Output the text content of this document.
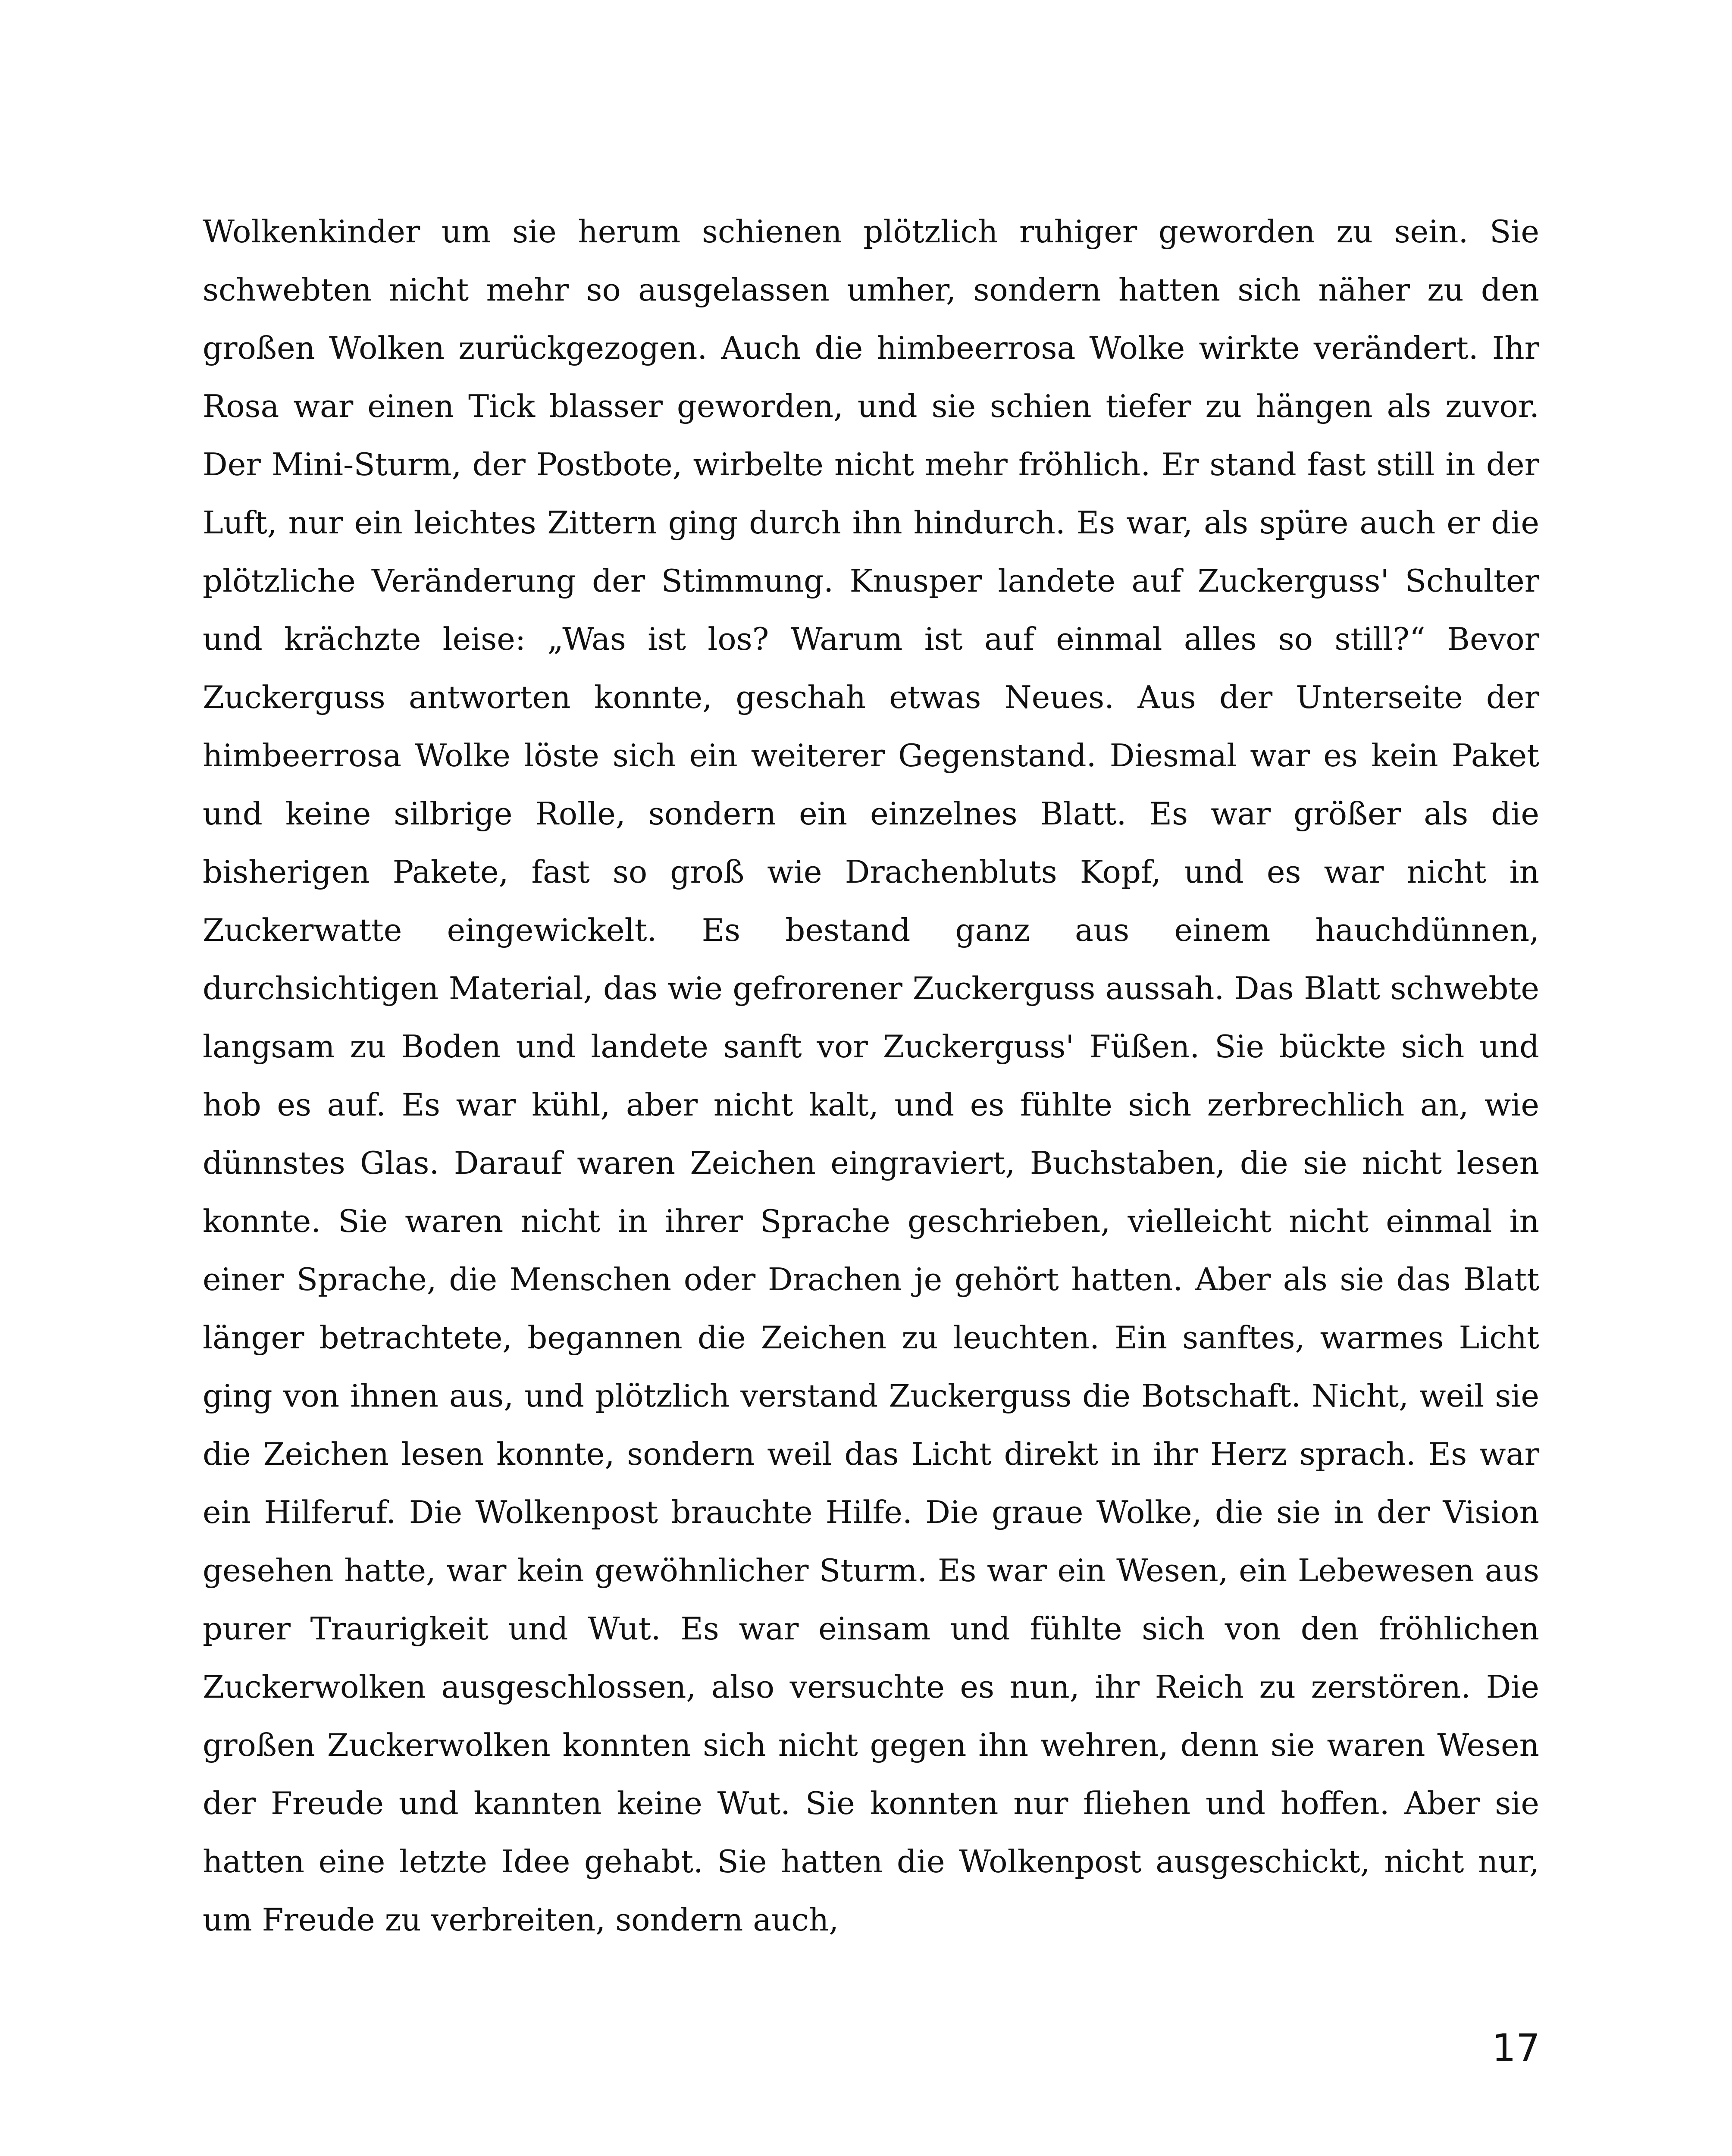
Wolkenkinder um sie herum schienen plötzlich ruhiger geworden zu sein. Sie schwebten nicht mehr so ausgelassen umher, sondern hatten sich näher zu den großen Wolken zurückgezogen. Auch die himbeerrosa Wolke wirkte verändert. Ihr Rosa war einen Tick blasser geworden, und sie schien tiefer zu hängen als zuvor. Der Mini-Sturm, der Postbote, wirbelte nicht mehr fröhlich. Er stand fast still in der Luft, nur ein leichtes Zittern ging durch ihn hindurch. Es war, als spüre auch er die plötzliche Veränderung der Stimmung. Knusper landete auf Zuckerguss' Schulter und krächzte leise: „Was ist los? Warum ist auf einmal alles so still?“ Bevor Zuckerguss antworten konnte, geschah etwas Neues. Aus der Unterseite der himbeerrosa Wolke löste sich ein weiterer Gegenstand. Diesmal war es kein Paket und keine silbrige Rolle, sondern ein einzelnes Blatt. Es war größer als die bisherigen Pakete, fast so groß wie Drachenbluts Kopf, und es war nicht in Zuckerwatte eingewickelt. Es bestand ganz aus einem hauchdünnen, durchsichtigen Material, das wie gefrorener Zuckerguss aussah. Das Blatt schwebte langsam zu Boden und landete sanft vor Zuckerguss' Füßen. Sie bückte sich und hob es auf. Es war kühl, aber nicht kalt, und es fühlte sich zerbrechlich an, wie dünnstes Glas. Darauf waren Zeichen eingraviert, Buchstaben, die sie nicht lesen konnte. Sie waren nicht in ihrer Sprache geschrieben, vielleicht nicht einmal in einer Sprache, die Menschen oder Drachen je gehört hatten. Aber als sie das Blatt länger betrachtete, begannen die Zeichen zu leuchten. Ein sanftes, warmes Licht ging von ihnen aus, und plötzlich verstand Zuckerguss die Botschaft. Nicht, weil sie die Zeichen lesen konnte, sondern weil das Licht direkt in ihr Herz sprach. Es war ein Hilferuf. Die Wolkenpost brauchte Hilfe. Die graue Wolke, die sie in der Vision gesehen hatte, war kein gewöhnlicher Sturm. Es war ein Wesen, ein Lebewesen aus purer Traurigkeit und Wut. Es war einsam und fühlte sich von den fröhlichen Zuckerwolken ausgeschlossen, also versuchte es nun, ihr Reich zu zerstören. Die großen Zuckerwolken konnten sich nicht gegen ihn wehren, denn sie waren Wesen der Freude und kannten keine Wut. Sie konnten nur fliehen und hoffen. Aber sie hatten eine letzte Idee gehabt. Sie hatten die Wolkenpost ausgeschickt, nicht nur, um Freude zu verbreiten, sondern auch,

17
